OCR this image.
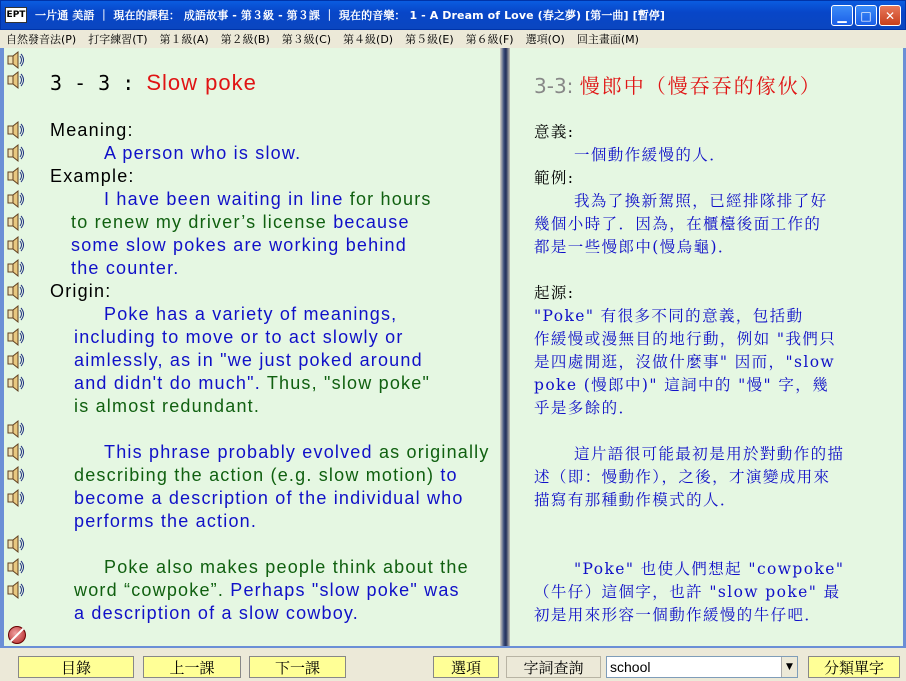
EPT 一片通 美語 ｜ 現在的課程： 成語故事 - 第３級 - 第３課 ｜ 現在的音樂： 1 - A Dream of Love (春之夢) [第一曲] [暫停]	▁	□	✕
自然發音法(P)	打字練習(T)	第１級(A)	第２級(B)	第３級(C)	第４級(D)	第５級(E)	第６級(F)	選項(O)	回主畫面(M)
3 - 3 : Slow poke
Meaning:
A person who is slow.
Example:
I have been waiting in line for hours
to renew my driver’s license because
some slow pokes are working behind
the counter.
Origin:
Poke has a variety of meanings,
including to move or to act slowly or
aimlessly, as in "we just poked around
and didn't do much". Thus, "slow poke"
is almost redundant.
This phrase probably evolved as originally
describing the action (e.g. slow motion) to
become a description of the individual who
performs the action.
Poke also makes people think about the
word “cowpoke”. Perhaps "slow poke" was
a description of a slow cowboy.
3-3: 慢郎中（慢吞吞的傢伙）
意義:
一個動作緩慢的人．
範例:
我為了換新駕照，已經排隊排了好
幾個小時了．因為，在櫃檯後面工作的
都是一些慢郎中(慢烏龜)．
起源:
"Poke" 有很多不同的意義，包括動
作緩慢或漫無目的地行動，例如 "我們只
是四處閒逛，沒做什麼事" 因而，"slow
poke (慢郎中)" 這詞中的 "慢" 字，幾
乎是多餘的．
這片語很可能最初是用於對動作的描
述（即：慢動作），之後，才演變成用來
描寫有那種動作模式的人．
"Poke" 也使人們想起 "cowpoke"
（牛仔）這個字，也許 "slow poke" 最
初是用來形容一個動作緩慢的牛仔吧．
目錄	上一課	下一課	選項	字詞查詢	school	▼	分類單字
